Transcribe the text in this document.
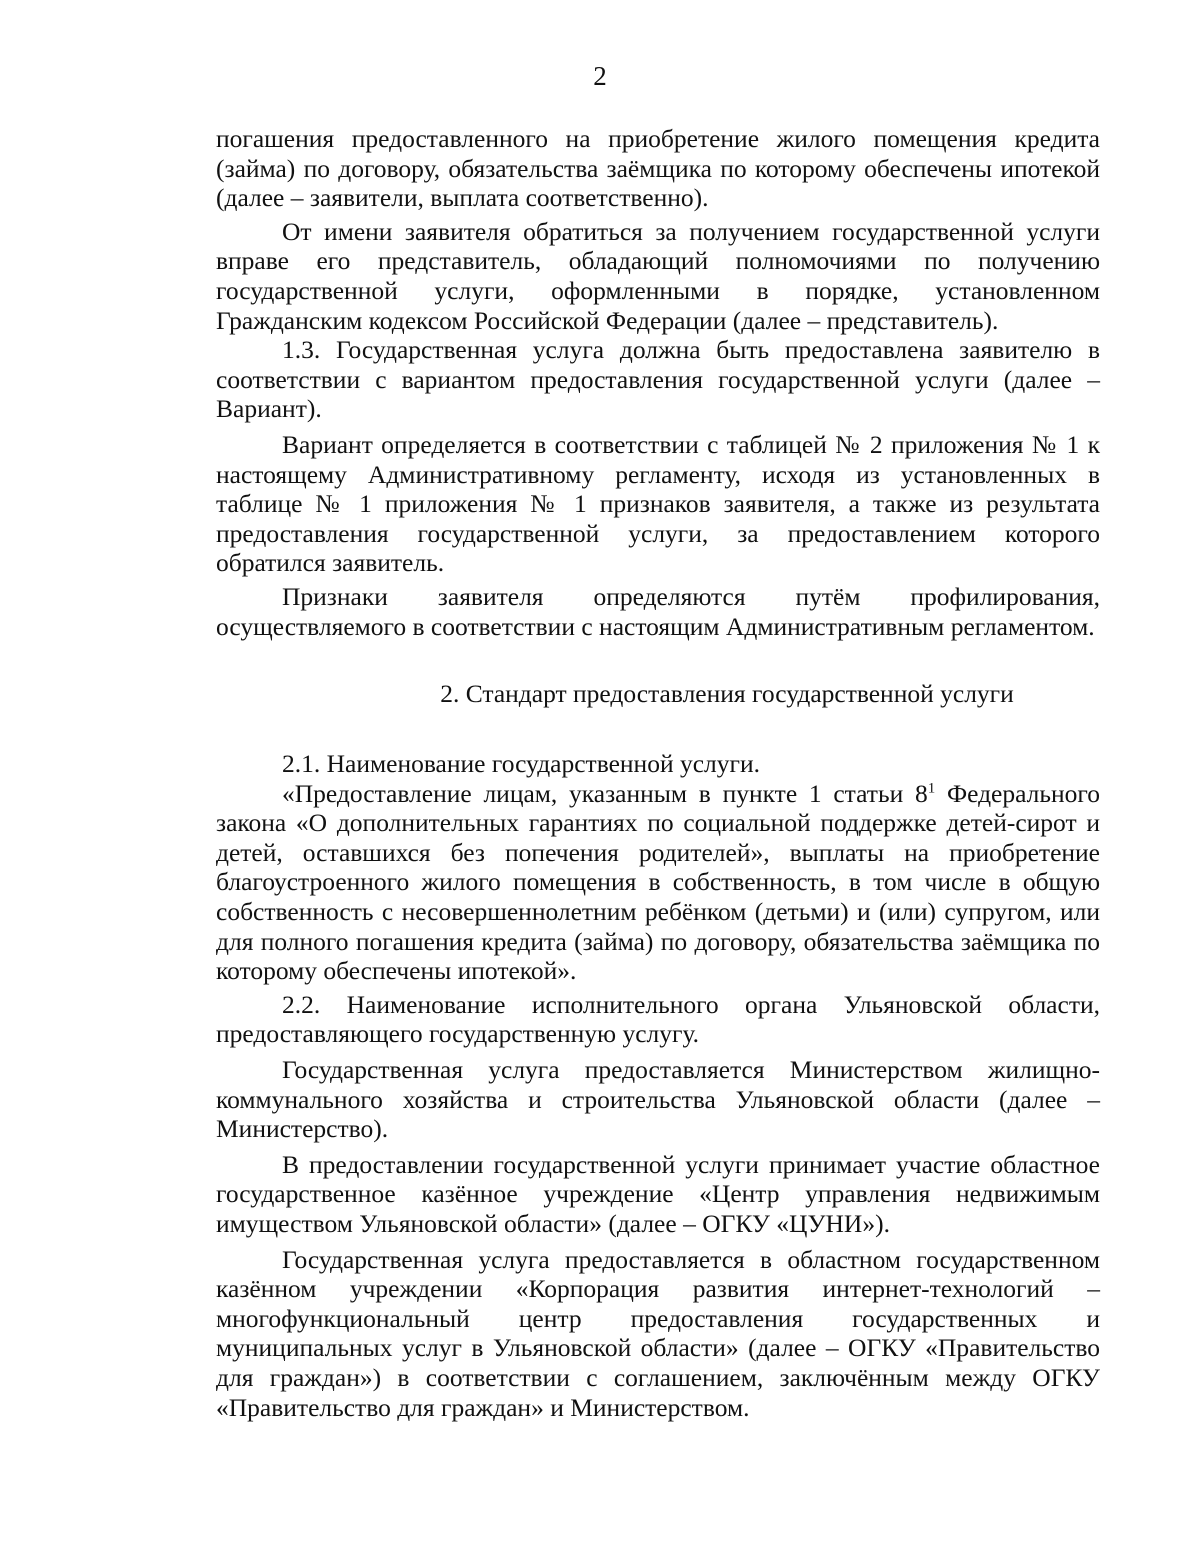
2

погашения предоставленного на приобретение жилого помещения кредита (займа) по договору, обязательства заёмщика по которому обеспечены ипотекой (далее – заявители, выплата соответственно).

От имени заявителя обратиться за получением государственной услуги вправе его представитель, обладающий полномочиями по получению государственной услуги, оформленными в порядке, установленном Гражданским кодексом Российской Федерации (далее – представитель).

1.3. Государственная услуга должна быть предоставлена заявителю в соответствии с вариантом предоставления государственной услуги (далее – Вариант).

Вариант определяется в соответствии с таблицей № 2 приложения № 1 к настоящему Административному регламенту, исходя из установленных в таблице № 1 приложения № 1 признаков заявителя, а также из результата предоставления государственной услуги, за предоставлением которого обратился заявитель.

Признаки заявителя определяются путём профилирования, осуществляемого в соответствии с настоящим Административным регламентом.

2. Стандарт предоставления государственной услуги

2.1. Наименование государственной услуги.

«Предоставление лицам, указанным в пункте 1 статьи $8^1$ Федерального закона «О дополнительных гарантиях по социальной поддержке детей-сирот и детей, оставшихся без попечения родителей», выплаты на приобретение благоустроенного жилого помещения в собственность, в том числе в общую собственность с несовершеннолетним ребёнком (детьми) и (или) супругом, или для полного погашения кредита (займа) по договору, обязательства заёмщика по которому обеспечены ипотекой».

2.2. Наименование исполнительного органа Ульяновской области, предоставляющего государственную услугу.

Государственная услуга предоставляется Министерством жилищно-коммунального хозяйства и строительства Ульяновской области (далее – Министерство).

В предоставлении государственной услуги принимает участие областное государственное казённое учреждение «Центр управления недвижимым имуществом Ульяновской области» (далее – ОГКУ «ЦУНИ»).

Государственная услуга предоставляется в областном государственном казённом учреждении «Корпорация развития интернет-технологий – многофункциональный центр предоставления государственных и муниципальных услуг в Ульяновской области» (далее – ОГКУ «Правительство для граждан») в соответствии с соглашением, заключённым между ОГКУ «Правительство для граждан» и Министерством.
